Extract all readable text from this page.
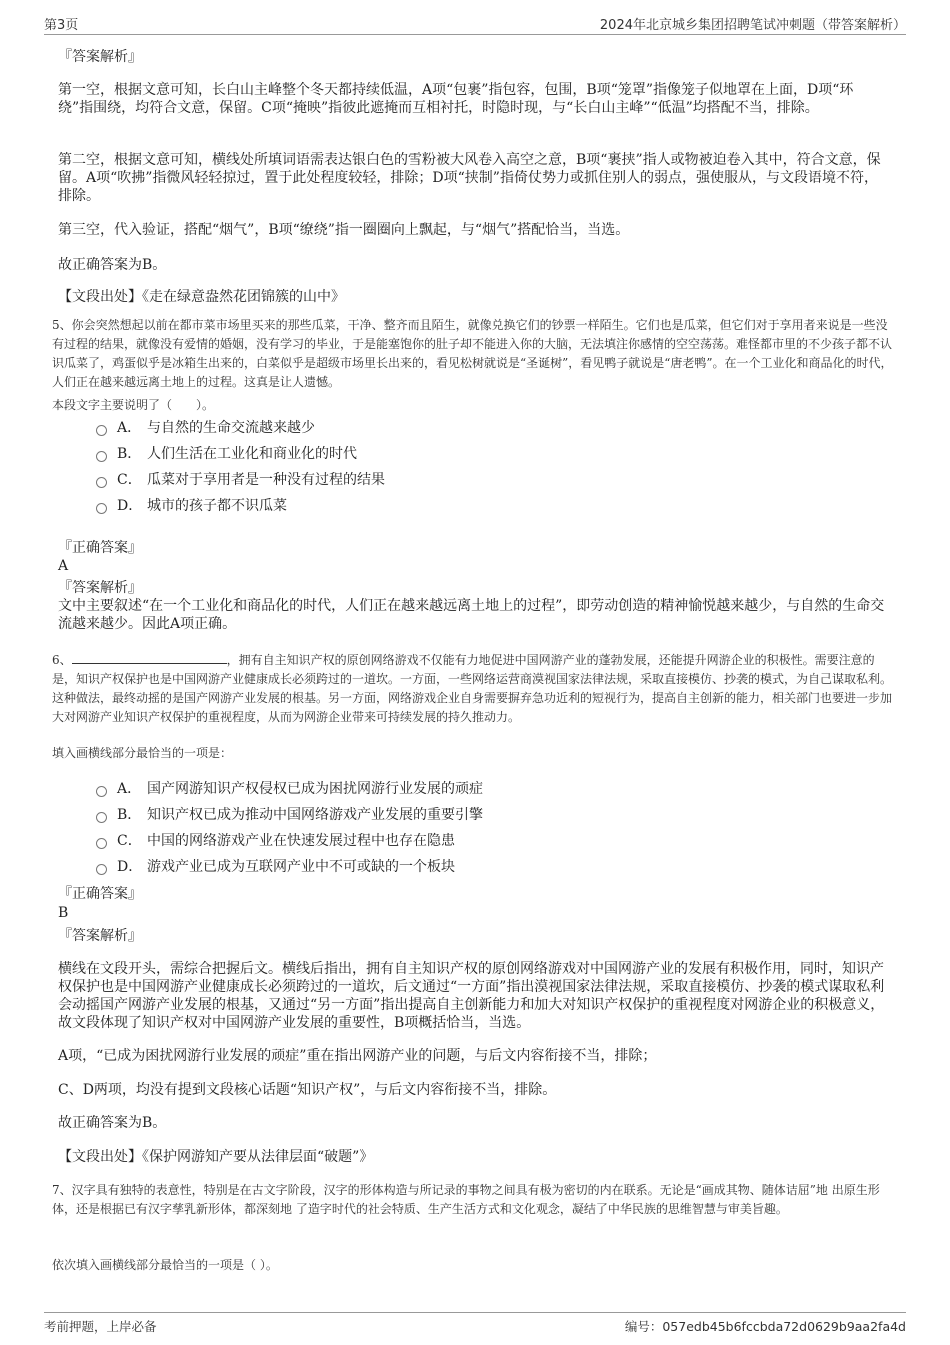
第3页	2024年北京城乡集团招聘笔试冲刺题（带答案解析）

『答案解析』

第一空，根据文意可知，长白山主峰整个冬天都持续低温，A项“包裹”指包容，包围，B项“笼罩”指像笼子似地罩在上面，D项“环绕”指围绕，均符合文意，保留。C项“掩映”指彼此遮掩而互相衬托，时隐时现，与“长白山主峰”“低温”均搭配不当，排除。

第二空，根据文意可知，横线处所填词语需表达银白色的雪粉被大风卷入高空之意，B项“裹挟”指人或物被迫卷入其中，符合文意，保留。A项“吹拂”指微风轻轻掠过，置于此处程度较轻，排除；D项“挟制”指倚仗势力或抓住别人的弱点，强使服从，与文段语境不符，排除。

第三空，代入验证，搭配“烟气”，B项“缭绕”指一圈圈向上飘起，与“烟气”搭配恰当，当选。

故正确答案为B。

【文段出处】《走在绿意盎然花团锦簇的山中》

5、你会突然想起以前在都市菜市场里买来的那些瓜菜，干净、整齐而且陌生，就像兑换它们的钞票一样陌生。它们也是瓜菜，但它们对于享用者来说是一些没有过程的结果，就像没有爱情的婚姻，没有学习的毕业，于是能塞饱你的肚子却不能进入你的大脑，无法填注你感情的空空荡荡。难怪都市里的不少孩子都不认识瓜菜了，鸡蛋似乎是冰箱生出来的，白菜似乎是超级市场里长出来的，看见松树就说是“圣诞树”，看见鸭子就说是“唐老鸭”。在一个工业化和商品化的时代，人们正在越来越远离土地上的过程。这真是让人遗憾。

本段文字主要说明了（　　）。

A． 与自然的生命交流越来越少
B． 人们生活在工业化和商业化的时代
C． 瓜菜对于享用者是一种没有过程的结果
D． 城市的孩子都不识瓜菜

『正确答案』

A

『答案解析』

文中主要叙述“在一个工业化和商品化的时代，人们正在越来越远离土地上的过程”，即劳动创造的精神愉悦越来越少，与自然的生命交流越来越少。因此A项正确。

6、	，拥有自主知识产权的原创网络游戏不仅能有力地促进中国网游产业的蓬勃发展，还能提升网游企业的积极性。需要注意的是，知识产权保护也是中国网游产业健康成长必须跨过的一道坎。一方面，一些网络运营商漠视国家法律法规，采取直接模仿、抄袭的模式，为自己谋取私利。这种做法，最终动摇的是国产网游产业发展的根基。另一方面，网络游戏企业自身需要摒弃急功近利的短视行为，提高自主创新的能力，相关部门也要进一步加大对网游产业知识产权保护的重视程度，从而为网游企业带来可持续发展的持久推动力。

填入画横线部分最恰当的一项是：

A． 国产网游知识产权侵权已成为困扰网游行业发展的顽症
B． 知识产权已成为推动中国网络游戏产业发展的重要引擎
C． 中国的网络游戏产业在快速发展过程中也存在隐患
D． 游戏产业已成为互联网产业中不可或缺的一个板块

『正确答案』

B

『答案解析』

横线在文段开头，需综合把握后文。横线后指出，拥有自主知识产权的原创网络游戏对中国网游产业的发展有积极作用，同时，知识产权保护也是中国网游产业健康成长必须跨过的一道坎，后文通过“一方面”指出漠视国家法律法规，采取直接模仿、抄袭的模式谋取私利会动摇国产网游产业发展的根基，又通过“另一方面”指出提高自主创新能力和加大对知识产权保护的重视程度对网游企业的积极意义，故文段体现了知识产权对中国网游产业发展的重要性，B项概括恰当，当选。

A项，“已成为困扰网游行业发展的顽症”重在指出网游产业的问题，与后文内容衔接不当，排除；

C、D两项，均没有提到文段核心话题“知识产权”，与后文内容衔接不当，排除。

故正确答案为B。

【文段出处】《保护网游知产要从法律层面“破题”》

7、汉字具有独特的表意性，特别是在古文字阶段，汉字的形体构造与所记录的事物之间具有极为密切的内在联系。无论是“画成其物、随体诘屈”地 出原生形体，还是根据已有汉字孳乳新形体，都深刻地 了造字时代的社会特质、生产生活方式和文化观念，凝结了中华民族的思维智慧与审美旨趣。

依次填入画横线部分最恰当的一项是（ ）。

考前押题，上岸必备	编号：057edb45b6fccbda72d0629b9aa2fa4d
